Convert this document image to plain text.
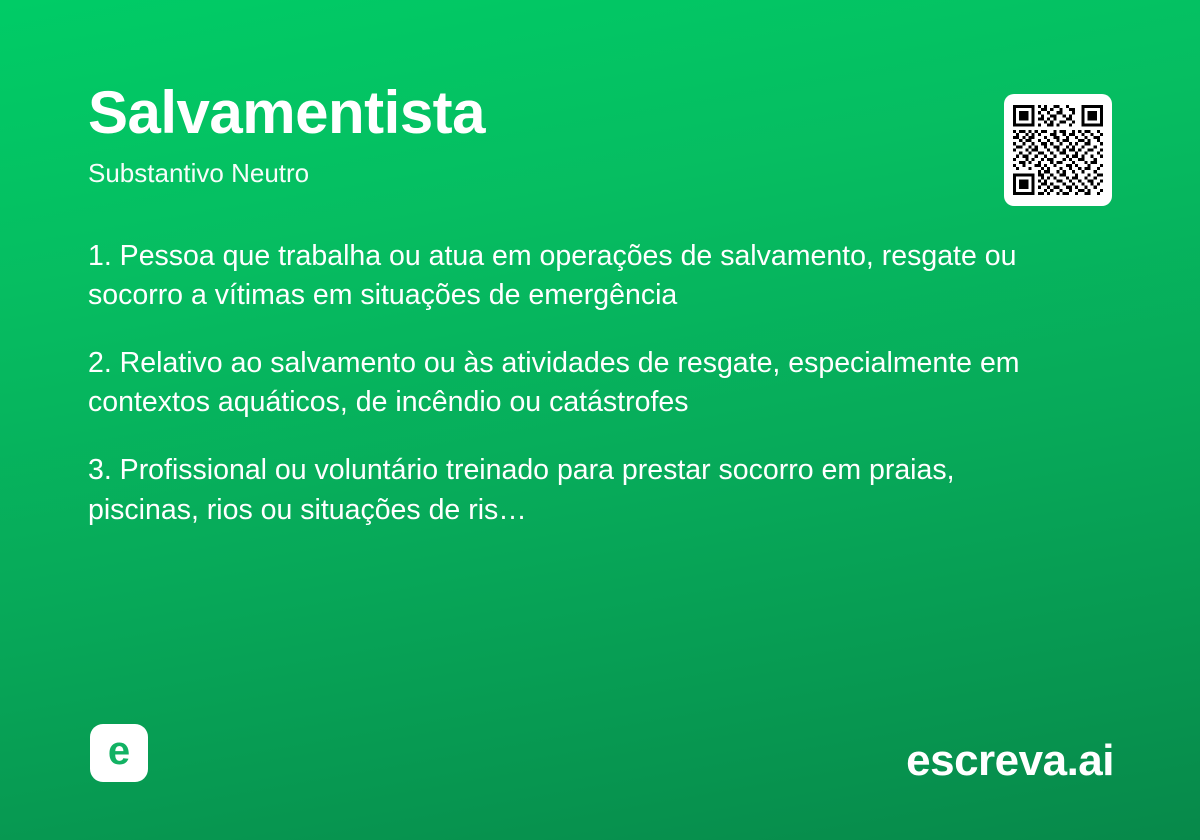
Salvamentista
Substantivo Neutro

1. Pessoa que trabalha ou atua em operações de salvamento, resgate ou socorro a vítimas em situações de emergência

2. Relativo ao salvamento ou às atividades de resgate, especialmente em contextos aquáticos, de incêndio ou catástrofes

3. Profissional ou voluntário treinado para prestar socorro em praias, piscinas, rios ou situações de ris…

e	escreva.ai
